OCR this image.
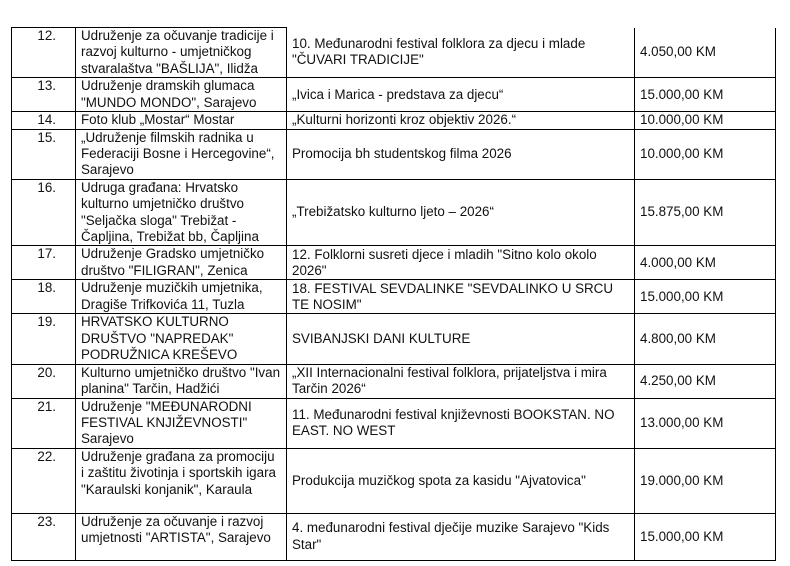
12.	Udruženje za očuvanje tradicije i razvoj kulturno - umjetničkog stvaralaštva "BAŠLIJA", Ilidža	10. Međunarodni festival folklora za djecu i mlade "ČUVARI TRADICIJE"	4.050,00 KM
13.	Udruženje dramskih glumaca "MUNDO MONDO", Sarajevo	„Ivica i Marica - predstava za djecu“	15.000,00 KM
14.	Foto klub „Mostar“ Mostar	„Kulturni horizonti kroz objektiv 2026.“	10.000,00 KM
15.	„Udruženje filmskih radnika u Federaciji Bosne i Hercegovine“, Sarajevo	Promocija bh studentskog filma 2026	10.000,00 KM
16.	Udruga građana: Hrvatsko kulturno umjetničko društvo "Seljačka sloga" Trebižat - Čapljina, Trebižat bb, Čapljina	„Trebižatsko kulturno ljeto – 2026“	15.875,00 KM
17.	Udruženje Gradsko umjetničko društvo "FILIGRAN", Zenica	12. Folklorni susreti djece i mladih "Sitno kolo okolo 2026"	4.000,00 KM
18.	Udruženje muzičkih umjetnika, Dragiše Trifkovića 11, Tuzla	18. FESTIVAL SEVDALINKE "SEVDALINKO U SRCU TE NOSIM"	15.000,00 KM
19.	HRVATSKO KULTURNO DRUŠTVO "NAPREDAK" PODRUŽNICA KREŠEVO	SVIBANJSKI DANI KULTURE	4.800,00 KM
20.	Kulturno umjetničko društvo "Ivan planina" Tarčin, Hadžići	„XII Internacionalni festival folklora, prijateljstva i mira Tarčin 2026“	4.250,00 KM
21.	Udruženje "MEĐUNARODNI FESTIVAL KNJIŽEVNOSTI" Sarajevo	11. Međunarodni festival književnosti BOOKSTAN. NO EAST. NO WEST	13.000,00 KM
22.	Udruženje građana za promociju i zaštitu životinja i sportskih igara "Karaulski konjanik", Karaula	Produkcija muzičkog spota za kasidu "Ajvatovica"	19.000,00 KM
23.	Udruženje za očuvanje i razvoj umjetnosti "ARTISTA", Sarajevo	4. međunarodni festival dječije muzike Sarajevo "Kids Star"	15.000,00 KM
